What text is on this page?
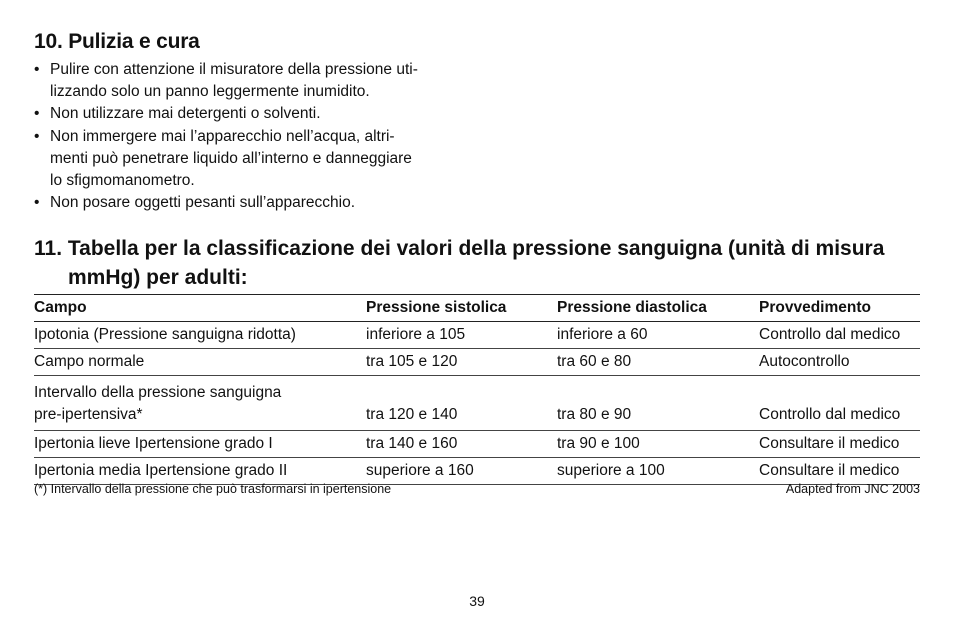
10. Pulizia e cura
• Pulire con attenzione il misuratore della pressione uti-
lizzando solo un panno leggermente inumidito.
• Non utilizzare mai detergenti o solventi.
• Non immergere mai l’apparecchio nell’acqua, altri-
menti può penetrare liquido all’interno e danneggiare
lo sfigmomanometro.
• Non posare oggetti pesanti sull’apparecchio.
11. Tabella per la classificazione dei valori della pressione sanguigna (unità di misura
mmHg) per adulti:
Campo	Pressione sistolica	Pressione diastolica	Provvedimento
Ipotonia (Pressione sanguigna ridotta)	inferiore a 105	inferiore a 60	Controllo dal medico
Campo normale	tra 105 e 120	tra 60 e 80	Autocontrollo

Intervallo della pressione sanguigna
pre-ipertensiva*	tra 120 e 140	tra 80 e 90	Controllo dal medico
Ipertonia lieve Ipertensione grado I	tra 140 e 160	tra 90 e 100	Consultare il medico
Ipertonia media Ipertensione grado II	superiore a 160	superiore a 100	Consultare il medico
(*) Intervallo della pressione che può trasformarsi in ipertensione	Adapted from JNC 2003
39
